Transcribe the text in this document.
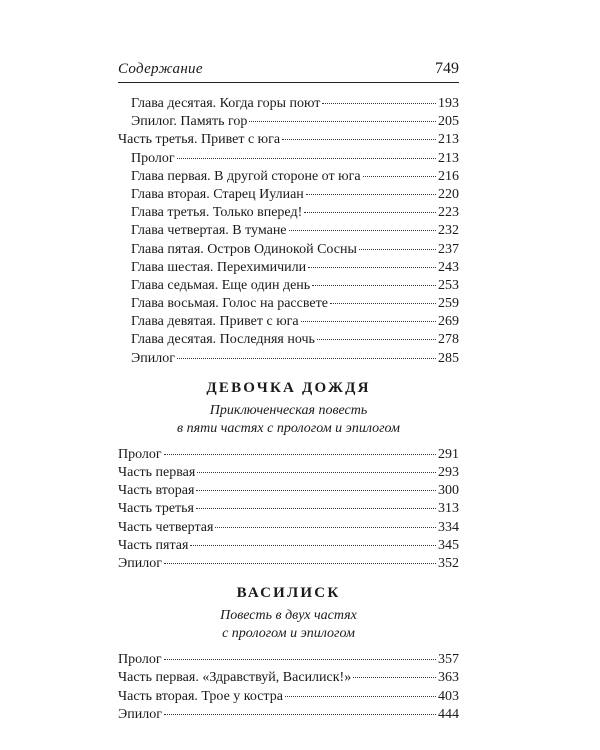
Содержание	749
Глава десятая. Когда горы поют	193
Эпилог. Память гор	205
Часть третья. Привет с юга	213
Пролог	213
Глава первая. В другой стороне от юга	216
Глава вторая. Старец Иулиан	220
Глава третья. Только вперед!	223
Глава четвертая. В тумане	232
Глава пятая. Остров Одинокой Сосны	237
Глава шестая. Перехимичили	243
Глава седьмая. Еще один день	253
Глава восьмая. Голос на рассвете	259
Глава девятая. Привет с юга	269
Глава десятая. Последняя ночь	278
Эпилог	285
ДЕВОЧКА ДОЖДЯ
Приключенческая повесть
в пяти частях с прологом и эпилогом
Пролог	291
Часть первая	293
Часть вторая	300
Часть третья	313
Часть четвертая	334
Часть пятая	345
Эпилог	352
ВАСИЛИСК
Повесть в двух частях
с прологом и эпилогом
Пролог	357
Часть первая. «Здравствуй, Василиск!»	363
Часть вторая. Трое у костра	403
Эпилог	444
